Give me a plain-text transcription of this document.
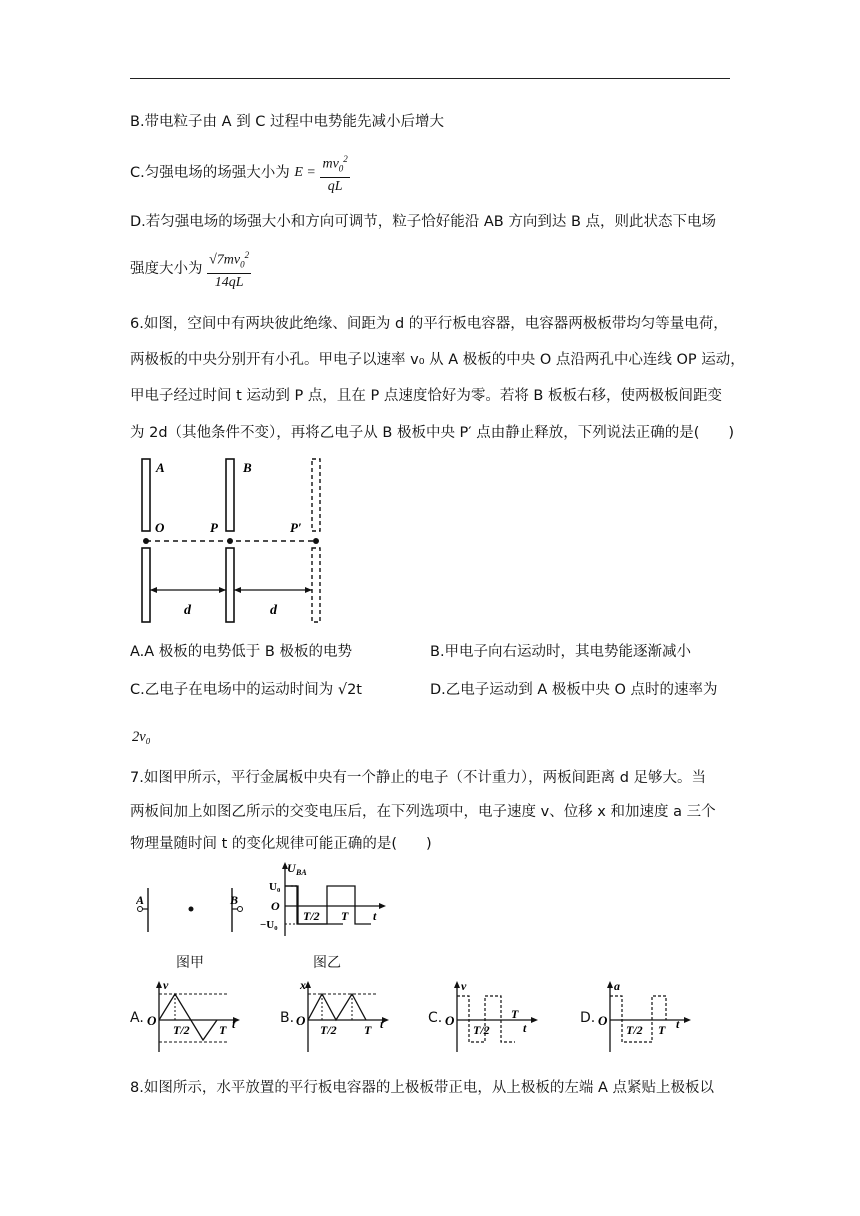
B.带电粒子由 A 到 C 过程中电势能先减小后增大
C.匀强电场的场强大小为 $E = \frac{mv_0^2}{qL}$
D.若匀强电场的场强大小和方向可调节，粒子恰好能沿 AB 方向到达 B 点，则此状态下电场
强度大小为 $\frac{√7mv_0^2}{14qL}$
6.如图，空间中有两块彼此绝缘、间距为 d 的平行板电容器，电容器两极板带均匀等量电荷，
两极板的中央分别开有小孔。甲电子以速率 v₀ 从 A 极板的中央 O 点沿两孔中心连线 OP 运动，
甲电子经过时间 t 运动到 P 点，且在 P 点速度恰好为零。若将 B 板板右移，使两极板间距变
为 2d（其他条件不变），再将乙电子从 B 极板中央 P′ 点由静止释放，下列说法正确的是(　　)
A	B
O	P	P′
d	d
A.A 极板的电势低于 B 极板的电势	B.甲电子向右运动时，其电势能逐渐减小
C.乙电子在电场中的运动时间为 √2t	D.乙电子运动到 A 极板中央 O 点时的速率为
2v₀
7.如图甲所示，平行金属板中央有一个静止的电子（不计重力），两板间距离 d 足够大。当
两板间加上如图乙所示的交变电压后，在下列选项中，电子速度 v、位移 x 和加速度 a 三个
物理量随时间 t 的变化规律可能正确的是(　　)
A	B
图甲
U BA
U₀
O
−U₀
T/2 T t
图乙
A.
v
O
T/2 T t	B.
x
O
T/2 T t	C.
v
O
T/2
T
t
D.
a
O
T/2 T t
8.如图所示，水平放置的平行板电容器的上极板带正电，从上极板的左端 A 点紧贴上极板以
